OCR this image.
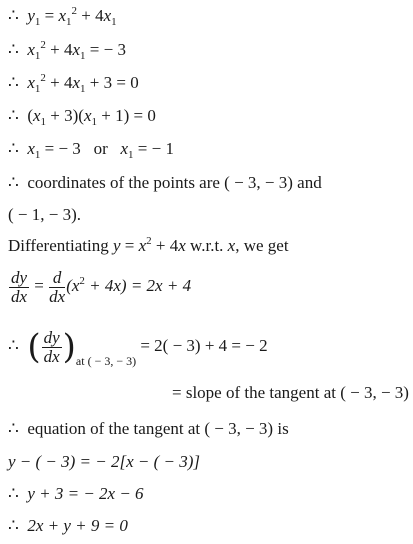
∴ $y_1 = x_1^2 + 4x_1$
∴ $x_1^2 + 4x_1$ = − 3
∴ $x_1^2 + 4x_1 + 3 = 0$
∴ $(x_1 + 3)(x_1 + 1) = 0$
∴ $x_1$ = − 3 or $x_1$ = − 1
∴ coordinates of the points are ( − 3, − 3) and
( − 1, − 3).
Differentiating $y = x^2 + 4x$ w.r.t. x, we get
$\frac{dy}{dx} = \frac{d}{dx} (x^2 + 4x) = 2x + 4$
∴ ( $\frac{dy}{dx} )_{at ( - 3, - 3)} = 2( - 3) + 4$ = − 2
= slope of the tangent at ( − 3, − 3)
∴ equation of the tangent at ( − 3, − 3) is
y − ( − 3) = − 2[x − ( − 3)]
∴ y + 3 = − 2x − 6
∴ 2x + y + 9 = 0
